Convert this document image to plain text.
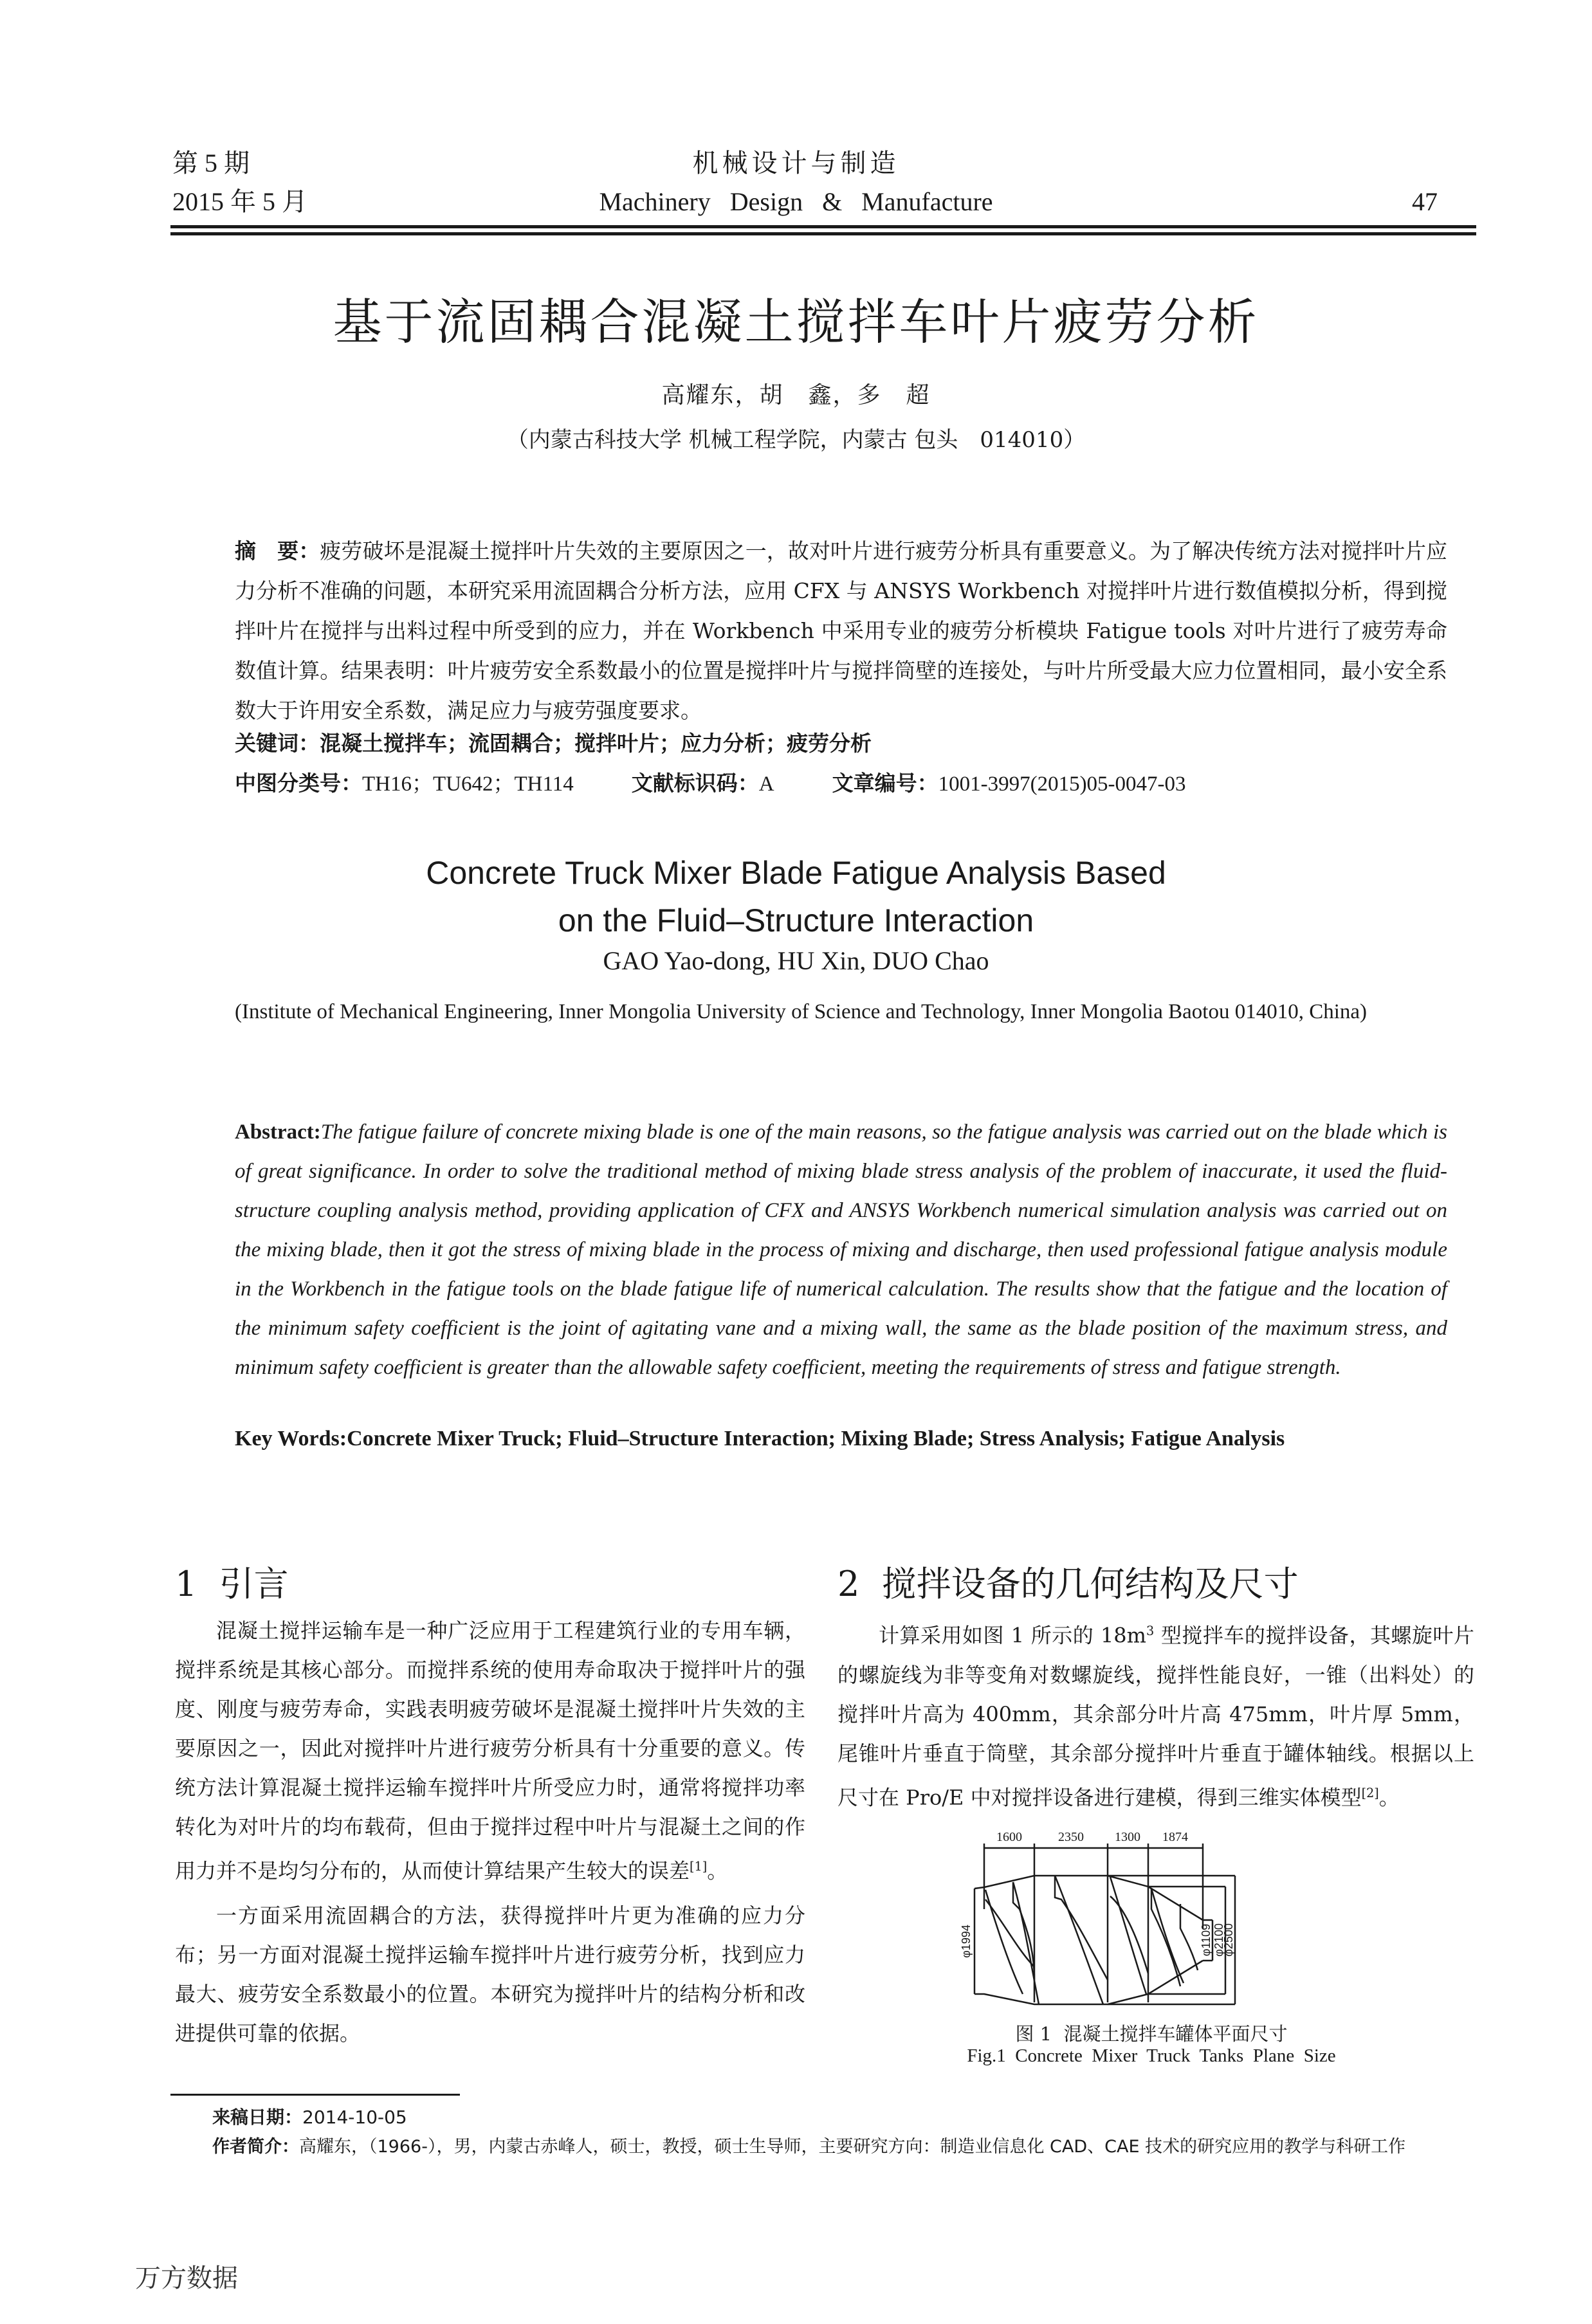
第 5 期
2015 年 5 月
机械设计与制造
Machinery   Design   &   Manufacture	47
基于流固耦合混凝土搅拌车叶片疲劳分析
高耀东，胡　鑫，多　超
（内蒙古科技大学 机械工程学院，内蒙古 包头　014010）
摘　要：疲劳破坏是混凝土搅拌叶片失效的主要原因之一，故对叶片进行疲劳分析具有重要意义。为了解决传统方法对搅拌叶片应力分析不准确的问题，本研究采用流固耦合分析方法，应用 CFX 与 ANSYS Workbench 对搅拌叶片进行数值模拟分析，得到搅拌叶片在搅拌与出料过程中所受到的应力，并在 Workbench 中采用专业的疲劳分析模块 Fatigue tools 对叶片进行了疲劳寿命数值计算。结果表明：叶片疲劳安全系数最小的位置是搅拌叶片与搅拌筒壁的连接处，与叶片所受最大应力位置相同，最小安全系数大于许用安全系数，满足应力与疲劳强度要求。
关键词：混凝土搅拌车；流固耦合；搅拌叶片；应力分析；疲劳分析
中图分类号：TH16；TU642；TH114	文献标识码：A	文章编号：1001-3997(2015)05-0047-03
Concrete Truck Mixer Blade Fatigue Analysis Based
on the Fluid–Structure Interaction
GAO Yao-dong, HU Xin, DUO Chao
(Institute of Mechanical Engineering, Inner Mongolia University of Science and Technology, Inner Mongolia Baotou 014010, China)
Abstract:The fatigue failure of concrete mixing blade is one of the main reasons, so the fatigue analysis was carried out on the blade which is of great significance. In order to solve the traditional method of mixing blade stress analysis of the problem of inaccurate, it used the fluid-structure coupling analysis method, providing application of CFX and ANSYS Workbench numerical simulation analysis was carried out on the mixing blade, then it got the stress of mixing blade in the process of mixing and discharge, then used professional fatigue analysis module in the Workbench in the fatigue tools on the blade fatigue life of numerical calculation. The results show that the fatigue and the location of the minimum safety coefficient is the joint of agitating vane and a mixing wall, the same as the blade position of the maximum stress, and minimum safety coefficient is greater than the allowable safety coefficient, meeting the requirements of stress and fatigue strength.
Key Words:Concrete Mixer Truck; Fluid–Structure Interaction; Mixing Blade; Stress Analysis; Fatigue Analysis
1  引言

混凝土搅拌运输车是一种广泛应用于工程建筑行业的专用车辆，搅拌系统是其核心部分。而搅拌系统的使用寿命取决于搅拌叶片的强度、刚度与疲劳寿命，实践表明疲劳破坏是混凝土搅拌叶片失效的主要原因之一，因此对搅拌叶片进行疲劳分析具有十分重要的意义。传统方法计算混凝土搅拌运输车搅拌叶片所受应力时，通常将搅拌功率转化为对叶片的均布载荷，但由于搅拌过程中叶片与混凝土之间的作用力并不是均匀分布的，从而使计算结果产生较大的误差[1]。

一方面采用流固耦合的方法，获得搅拌叶片更为准确的应力分布；另一方面对混凝土搅拌运输车搅拌叶片进行疲劳分析，找到应力最大、疲劳安全系数最小的位置。本研究为搅拌叶片的结构分析和改进提供可靠的依据。

2  搅拌设备的几何结构及尺寸

计算采用如图 1 所示的 $18m^3$ 型搅拌车的搅拌设备，其螺旋叶片的螺旋线为非等变角对数螺旋线，搅拌性能良好，一锥（出料处）的搅拌叶片高为 400mm，其余部分叶片高 475mm，叶片厚 5mm，尾锥叶片垂直于筒壁，其余部分搅拌叶片垂直于罐体轴线。根据以上尺寸在 Pro/E 中对搅拌设备进行建模，得到三维实体模型[2]。

1600	2350 1300 1874
φ1994	φ1109 φ2100
φ2500
图 1  混凝土搅拌车罐体平面尺寸
Fig.1  Concrete  Mixer  Truck  Tanks  Plane  Size
来稿日期：2014-10-05
作者简介：高耀东，（1966-），男，内蒙古赤峰人，硕士，教授，硕士生导师，主要研究方向：制造业信息化 CAD、CAE 技术的研究应用的教学与科研工作
万方数据
